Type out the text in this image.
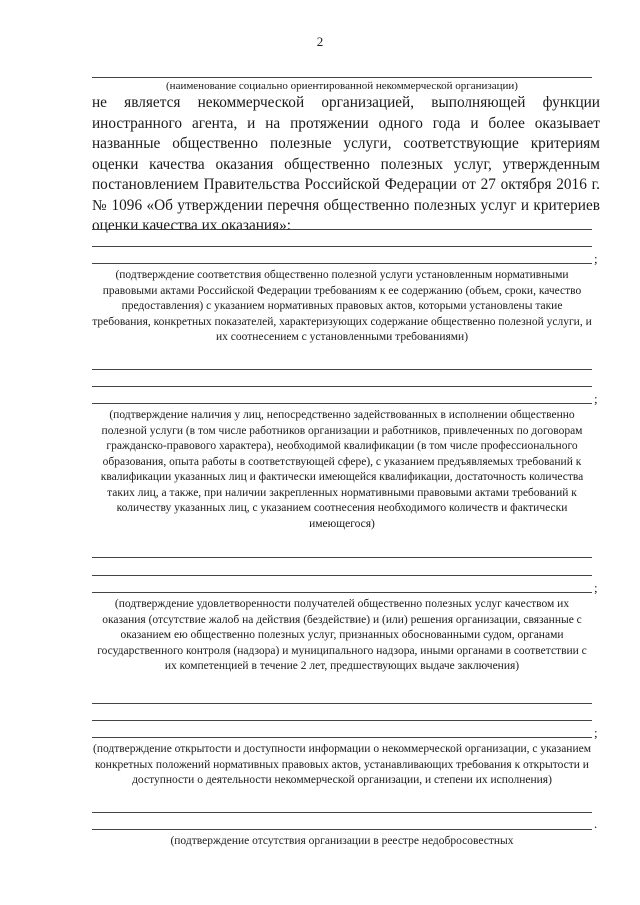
2
(наименование социально ориентированной некоммерческой организации)

не является некоммерческой организацией, выполняющей функции иностранного агента, и на протяжении одного года и более оказывает названные общественно полезные услуги, соответствующие критериям оценки качества оказания общественно полезных услуг, утвержденным постановлением Правительства Российской Федерации от 27 октября 2016 г. № 1096 «Об утверждении перечня общественно полезных услуг и критериев оценки качества их оказания»:

;
(подтверждение соответствия общественно полезной услуги установленным нормативными правовыми актами Российской Федерации требованиям к ее содержанию (объем, сроки, качество предоставления) с указанием нормативных правовых актов, которыми установлены такие требования, конкретных показателей, характеризующих содержание общественно полезной услуги, и их соотнесением с установленными требованиями)
;
(подтверждение наличия у лиц, непосредственно задействованных в исполнении общественно полезной услуги (в том числе работников организации и работников, привлеченных по договорам гражданско-правового характера), необходимой квалификации (в том числе профессионального образования, опыта работы в соответствующей сфере), с указанием предъявляемых требований к квалификации указанных лиц и фактически имеющейся квалификации, достаточность количества таких лиц, а также, при наличии закрепленных нормативными правовыми актами требований к количеству указанных лиц, с указанием соотнесения необходимого количеств и фактически имеющегося)
;
(подтверждение удовлетворенности получателей общественно полезных услуг качеством их оказания (отсутствие жалоб на действия (бездействие) и (или) решения организации, связанные с оказанием ею общественно полезных услуг, признанных обоснованными судом, органами государственного контроля (надзора) и муниципального надзора, иными органами в соответствии с их компетенцией в течение 2 лет, предшествующих выдаче заключения)
;
(подтверждение открытости и доступности информации о некоммерческой организации, с указанием конкретных положений нормативных правовых актов, устанавливающих требования к открытости и доступности о деятельности некоммерческой организации, и степени их исполнения)
.
(подтверждение отсутствия организации в реестре недобросовестных
